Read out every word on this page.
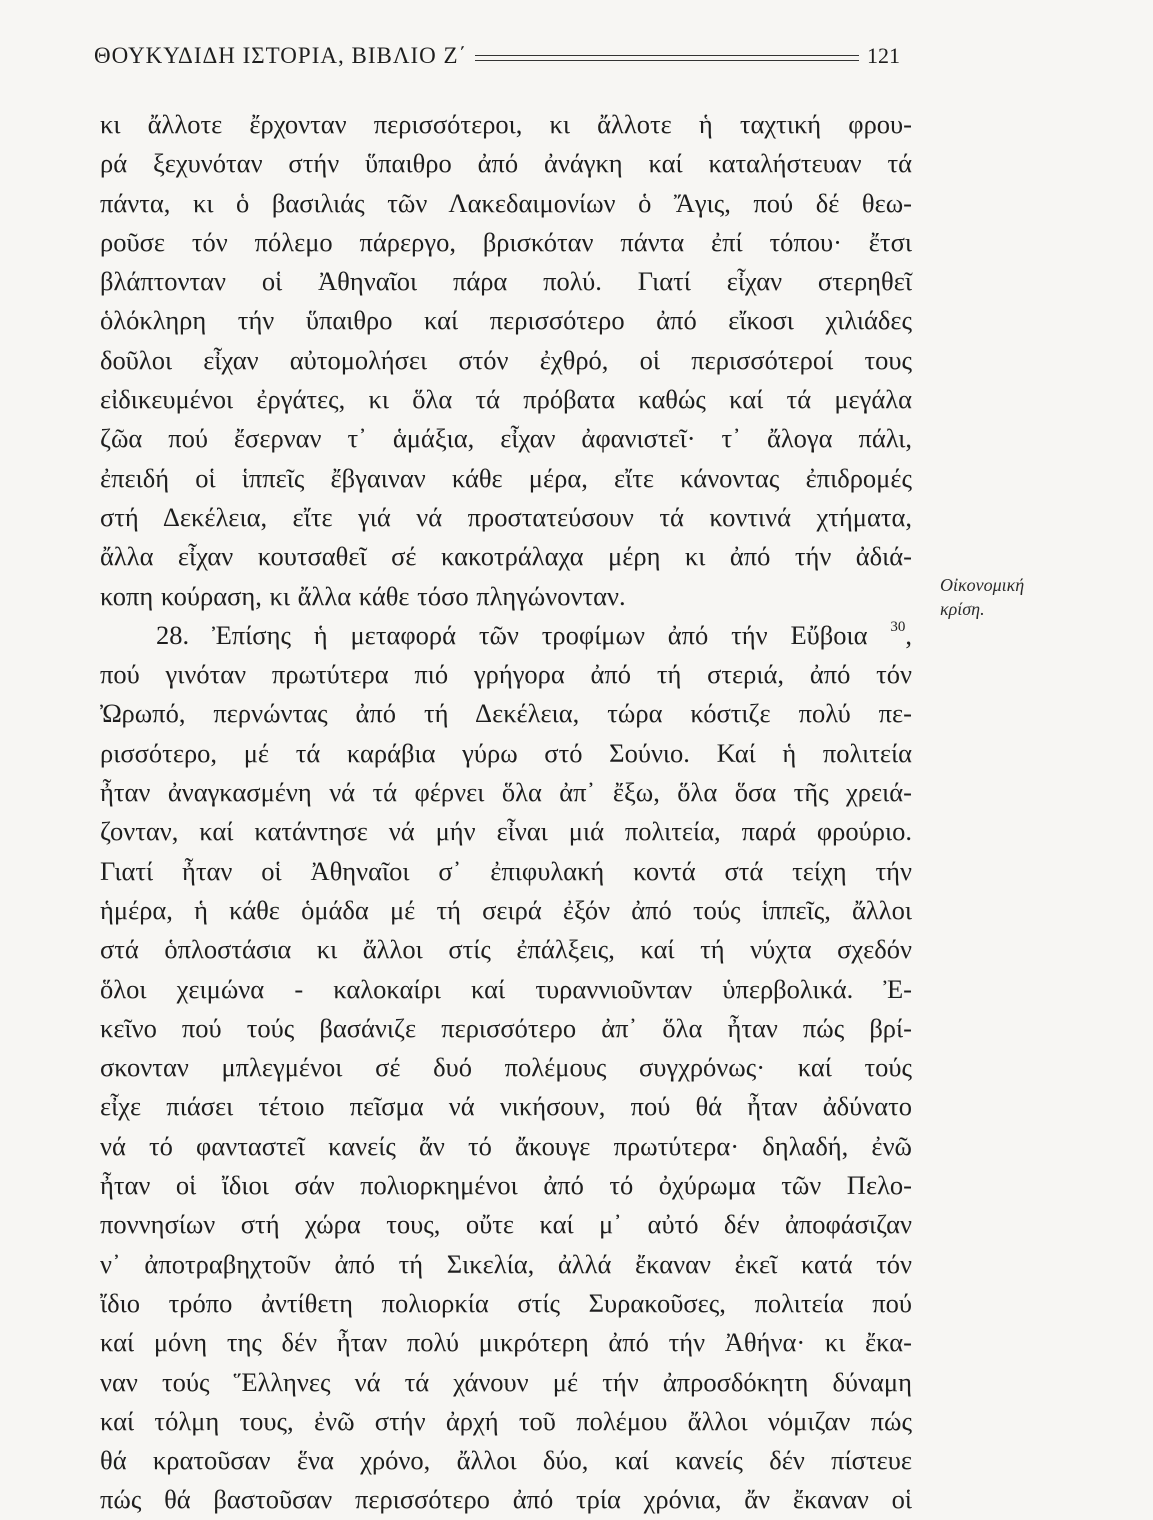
ΘΟΥΚΥΔΙΔΗ ΙΣΤΟΡΙΑ, ΒΙΒΛΙΟ Ζ΄	121
κι ἄλλοτε ἔρχονταν περισσότεροι, κι ἄλλοτε ἡ ταχτική φρου-
ρά ξεχυνόταν στήν ὕπαιθρο ἀπό ἀνάγκη καί καταλήστευαν τά
πάντα, κι ὁ βασιλιάς τῶν Λακεδαιμονίων ὁ Ἄγις, πού δέ θεω-
ροῦσε τόν πόλεμο πάρεργο, βρισκόταν πάντα ἐπί τόπου· ἔτσι
βλάπτονταν οἱ Ἀθηναῖοι πάρα πολύ. Γιατί εἶχαν στερηθεῖ
ὁλόκληρη τήν ὕπαιθρο καί περισσότερο ἀπό εἴκοσι χιλιάδες
δοῦλοι εἶχαν αὐτομολήσει στόν ἐχθρό, οἱ περισσότεροί τους
εἰδικευμένοι ἐργάτες, κι ὅλα τά πρόβατα καθώς καί τά μεγάλα
ζῶα πού ἔσερναν τ᾿ ἁμάξια, εἶχαν ἀφανιστεῖ· τ᾿ ἄλογα πάλι,
ἐπειδή οἱ ἱππεῖς ἔβγαιναν κάθε μέρα, εἴτε κάνοντας ἐπιδρομές
στή Δεκέλεια, εἴτε γιά νά προστατεύσουν τά κοντινά χτήματα,
ἄλλα εἶχαν κουτσαθεῖ σέ κακοτράλαχα μέρη κι ἀπό τήν ἀδιά-
κοπη κούραση, κι ἄλλα κάθε τόσο πληγώνονταν.
28. Ἐπίσης ἡ μεταφορά τῶν τροφίμων ἀπό τήν Εὔβοια $^{30}$,
πού γινόταν πρωτύτερα πιό γρήγορα ἀπό τή στεριά, ἀπό τόν
Ὠρωπό, περνώντας ἀπό τή Δεκέλεια, τώρα κόστιζε πολύ πε-
ρισσότερο, μέ τά καράβια γύρω στό Σούνιο. Καί ἡ πολιτεία
ἦταν ἀναγκασμένη νά τά φέρνει ὅλα ἀπ᾿ ἔξω, ὅλα ὅσα τῆς χρειά-
ζονταν, καί κατάντησε νά μήν εἶναι μιά πολιτεία, παρά φρούριο.
Γιατί ἦταν οἱ Ἀθηναῖοι σ᾿ ἐπιφυλακή κοντά στά τείχη τήν
ἡμέρα, ἡ κάθε ὁμάδα μέ τή σειρά ἐξόν ἀπό τούς ἱππεῖς, ἄλλοι
στά ὁπλοστάσια κι ἄλλοι στίς ἐπάλξεις, καί τή νύχτα σχεδόν
ὅλοι χειμώνα - καλοκαίρι καί τυραννιοῦνταν ὑπερβολικά. Ἐ-
κεῖνο πού τούς βασάνιζε περισσότερο ἀπ᾿ ὅλα ἦταν πώς βρί-
σκονταν μπλεγμένοι σέ δυό πολέμους συγχρόνως· καί τούς
εἶχε πιάσει τέτοιο πεῖσμα νά νικήσουν, πού θά ἦταν ἀδύνατο
νά τό φανταστεῖ κανείς ἄν τό ἄκουγε πρωτύτερα· δηλαδή, ἐνῶ
ἦταν οἱ ἴδιοι σάν πολιορκημένοι ἀπό τό ὀχύρωμα τῶν Πελο-
ποννησίων στή χώρα τους, οὔτε καί μ᾿ αὐτό δέν ἀποφάσιζαν
ν᾿ ἀποτραβηχτοῦν ἀπό τή Σικελία, ἀλλά ἔκαναν ἐκεῖ κατά τόν
ἴδιο τρόπο ἀντίθετη πολιορκία στίς Συρακοῦσες, πολιτεία πού
καί μόνη της δέν ἦταν πολύ μικρότερη ἀπό τήν Ἀθήνα· κι ἔκα-
ναν τούς Ἕλληνες νά τά χάνουν μέ τήν ἀπροσδόκητη δύναμη
καί τόλμη τους, ἐνῶ στήν ἀρχή τοῦ πολέμου ἄλλοι νόμιζαν πώς
θά κρατοῦσαν ἕνα χρόνο, ἄλλοι δύο, καί κανείς δέν πίστευε
πώς θά βαστοῦσαν περισσότερο ἀπό τρία χρόνια, ἄν ἔκαναν οἱ
Οἰκονομική
κρίση.
